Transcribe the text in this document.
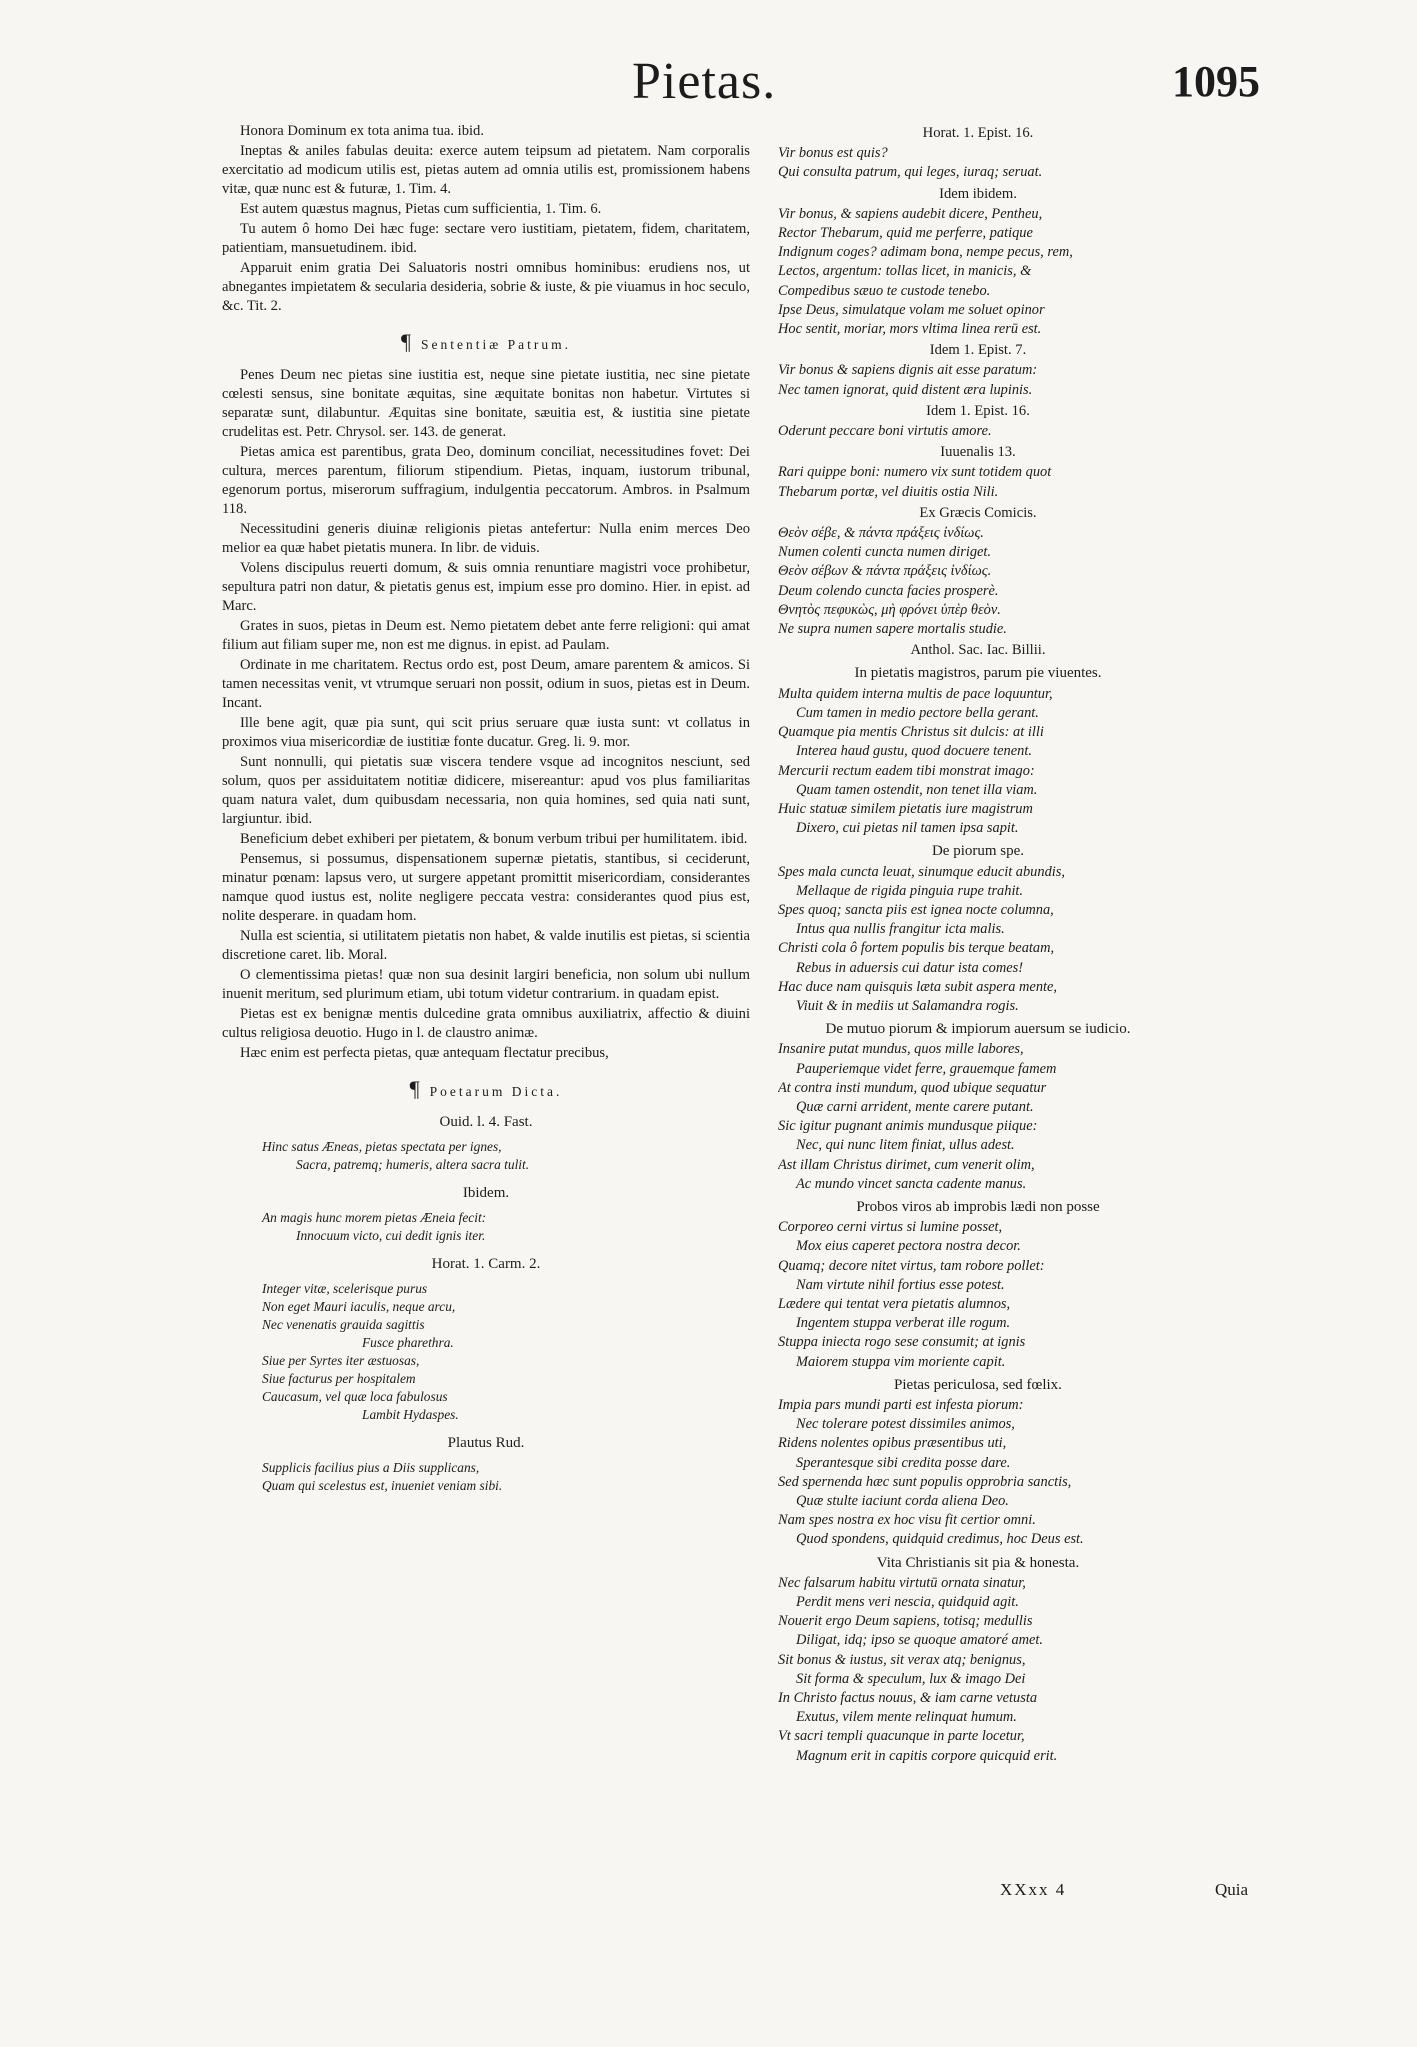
Pietas.	1095

Honora Dominum ex tota anima tua. ibid.

Ineptas & aniles fabulas deuita: exerce autem teipsum ad pietatem. Nam corporalis exercitatio ad modicum utilis est, pietas autem ad omnia utilis est, promissionem habens vitæ, quæ nunc est & futuræ, 1. Tim. 4.

Est autem quæstus magnus, Pietas cum sufficientia, 1. Tim. 6.

Tu autem ô homo Dei hæc fuge: sectare vero iustitiam, pietatem, fidem, charitatem, patientiam, mansuetudinem. ibid.

Apparuit enim gratia Dei Saluatoris nostri omnibus hominibus: erudiens nos, ut abnegantes impietatem & secularia desideria, sobrie & iuste, & pie viuamus in hoc seculo, &c. Tit. 2.

¶ Sententiæ Patrum.

Penes Deum nec pietas sine iustitia est, neque sine pietate iustitia, nec sine pietate cœlesti sensus, sine bonitate æquitas, sine æquitate bonitas non habetur. Virtutes si separatæ sunt, dilabuntur. Æquitas sine bonitate, sæuitia est, & iustitia sine pietate crudelitas est. Petr. Chrysol. ser. 143. de generat.

Pietas amica est parentibus, grata Deo, dominum conciliat, necessitudines fovet: Dei cultura, merces parentum, filiorum stipendium. Pietas, inquam, iustorum tribunal, egenorum portus, miserorum suffragium, indulgentia peccatorum. Ambros. in Psalmum 118.

Necessitudini generis diuinæ religionis pietas antefertur: Nulla enim merces Deo melior ea quæ habet pietatis munera. In libr. de viduis.

Volens discipulus reuerti domum, & suis omnia renuntiare magistri voce prohibetur, sepultura patri non datur, & pietatis genus est, impium esse pro domino. Hier. in epist. ad Marc.

Grates in suos, pietas in Deum est. Nemo pietatem debet ante ferre religioni: qui amat filium aut filiam super me, non est me dignus. in epist. ad Paulam.

Ordinate in me charitatem. Rectus ordo est, post Deum, amare parentem & amicos. Si tamen necessitas venit, vt vtrumque seruari non possit, odium in suos, pietas est in Deum. Incant.

Ille bene agit, quæ pia sunt, qui scit prius seruare quæ iusta sunt: vt collatus in proximos viua misericordiæ de iustitiæ fonte ducatur. Greg. li. 9. mor.

Sunt nonnulli, qui pietatis suæ viscera tendere vsque ad incognitos nesciunt, sed solum, quos per assiduitatem notitiæ didicere, misereantur: apud vos plus familiaritas quam natura valet, dum quibusdam necessaria, non quia homines, sed quia nati sunt, largiuntur. ibid.

Beneficium debet exhiberi per pietatem, & bonum verbum tribui per humilitatem. ibid.

Pensemus, si possumus, dispensationem supernæ pietatis, stantibus, si ceciderunt, minatur pœnam: lapsus vero, ut surgere appetant promittit misericordiam, considerantes namque quod iustus est, nolite negligere peccata vestra: considerantes quod pius est, nolite desperare. in quadam hom.

Nulla est scientia, si utilitatem pietatis non habet, & valde inutilis est pietas, si scientia discretione caret. lib. Moral.

O clementissima pietas! quæ non sua desinit largiri beneficia, non solum ubi nullum inuenit meritum, sed plurimum etiam, ubi totum videtur contrarium. in quadam epist.

Pietas est ex benignæ mentis dulcedine grata omnibus auxiliatrix, affectio & diuini cultus religiosa deuotio. Hugo in l. de claustro animæ.

Hæc enim est perfecta pietas, quæ antequam flectatur precibus,

¶ Poetarum Dicta.
Ouid. l. 4. Fast.
Hinc satus Æneas, pietas spectata per ignes,
Sacra, patremq; humeris, altera sacra tulit.
Ibidem.
An magis hunc morem pietas Æneia fecit:
Innocuum victo, cui dedit ignis iter.
Horat. 1. Carm. 2.
Integer vitæ, scelerisque purus
Non eget Mauri iaculis, neque arcu,
Nec venenatis grauida sagittis
Fusce pharethra.
Siue per Syrtes iter æstuosas,
Siue facturus per hospitalem
Caucasum, vel quæ loca fabulosus
Lambit Hydaspes.
Plautus Rud.
Supplicis facilius pius a Diis supplicans,
Quam qui scelestus est, inueniet veniam sibi.
Horat. 1. Epist. 16.
Vir bonus est quis?
Qui consulta patrum, qui leges, iuraq; seruat.
Idem ibidem.
Vir bonus, & sapiens audebit dicere, Pentheu,
Rector Thebarum, quid me perferre, patique
Indignum coges? adimam bona, nempe pecus, rem,
Lectos, argentum: tollas licet, in manicis, &
Compedibus sæuo te custode tenebo.
Ipse Deus, simulatque volam me soluet opinor
Hoc sentit, moriar, mors vltima linea rerū est.
Idem 1. Epist. 7.
Vir bonus & sapiens dignis ait esse paratum:
Nec tamen ignorat, quid distent æra lupinis.
Idem 1. Epist. 16.
Oderunt peccare boni virtutis amore.
Iuuenalis 13.
Rari quippe boni: numero vix sunt totidem quot
Thebarum portæ, vel diuitis ostia Nili.
Ex Græcis Comicis.
Θεὸν σέβε, & πάντα πράξεις ἰνδίως.
Numen colenti cuncta numen diriget.
Θεὸν σέβων & πάντα πράξεις ἰνδίως.
Deum colendo cuncta facies prosperè.
Θνητὸς πεφυκὼς, μὴ φρόνει ὑπὲρ θεὸν.
Ne supra numen sapere mortalis studie.
Anthol. Sac. Iac. Billii.
In pietatis magistros, parum pie viuentes.
Multa quidem interna multis de pace loquuntur,
Cum tamen in medio pectore bella gerant.
Quamque pia mentis Christus sit dulcis: at illi
Interea haud gustu, quod docuere tenent.
Mercurii rectum eadem tibi monstrat imago:
Quam tamen ostendit, non tenet illa viam.
Huic statuæ similem pietatis iure magistrum
Dixero, cui pietas nil tamen ipsa sapit.
De piorum spe.
Spes mala cuncta leuat, sinumque educit abundis,
Mellaque de rigida pinguia rupe trahit.
Spes quoq; sancta piis est ignea nocte columna,
Intus qua nullis frangitur icta malis.
Christi cola ô fortem populis bis terque beatam,
Rebus in aduersis cui datur ista comes!
Hac duce nam quisquis læta subit aspera mente,
Viuit & in mediis ut Salamandra rogis.
De mutuo piorum & impiorum auersum se iudicio.
Insanire putat mundus, quos mille labores,
Pauperiemque videt ferre, grauemque famem
At contra insti mundum, quod ubique sequatur
Quæ carni arrident, mente carere putant.
Sic igitur pugnant animis mundusque piique:
Nec, qui nunc litem finiat, ullus adest.
Ast illam Christus dirimet, cum venerit olim,
Ac mundo vincet sancta cadente manus.
Probos viros ab improbis lædi non posse
Corporeo cerni virtus si lumine posset,
Mox eius caperet pectora nostra decor.
Quamq; decore nitet virtus, tam robore pollet:
Nam virtute nihil fortius esse potest.
Lædere qui tentat vera pietatis alumnos,
Ingentem stuppa verberat ille rogum.
Stuppa iniecta rogo sese consumit; at ignis
Maiorem stuppa vim moriente capit.
Pietas periculosa, sed fœlix.
Impia pars mundi parti est infesta piorum:
Nec tolerare potest dissimiles animos,
Ridens nolentes opibus præsentibus uti,
Sperantesque sibi credita posse dare.
Sed spernenda hæc sunt populis opprobria sanctis,
Quæ stulte iaciunt corda aliena Deo.
Nam spes nostra ex hoc visu fit certior omni.
Quod spondens, quidquid credimus, hoc Deus est.
Vita Christianis sit pia & honesta.
Nec falsarum habitu virtutū ornata sinatur,
Perdit mens veri nescia, quidquid agit.
Nouerit ergo Deum sapiens, totisq; medullis
Diligat, idq; ipso se quoque amatoré amet.
Sit bonus & iustus, sit verax atq; benignus,
Sit forma & speculum, lux & imago Dei
In Christo factus nouus, & iam carne vetusta
Exutus, vilem mente relinquat humum.
Vt sacri templi quacunque in parte locetur,
Magnum erit in capitis corpore quicquid erit.
XXxx 4	Quia
